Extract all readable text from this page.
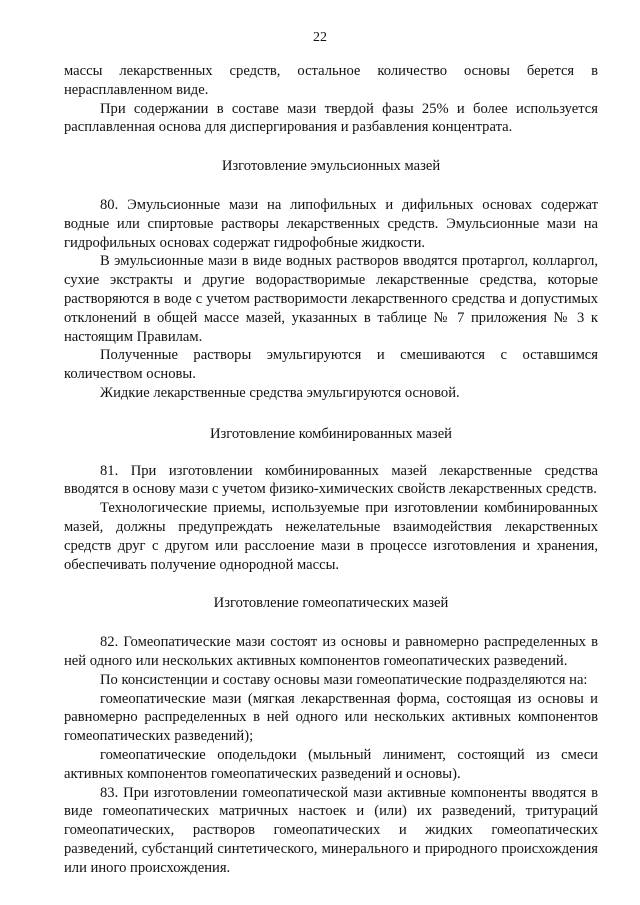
22

массы лекарственных средств, остальное количество основы берется в нерасплавленном виде.

При содержании в составе мази твердой фазы 25% и более используется расплавленная основа для диспергирования и разбавления концентрата.

Изготовление эмульсионных мазей

80. Эмульсионные мази на липофильных и дифильных основах содержат водные или спиртовые растворы лекарственных средств. Эмульсионные мази на гидрофильных основах содержат гидрофобные жидкости.

В эмульсионные мази в виде водных растворов вводятся протаргол, колларгол, сухие экстракты и другие водорастворимые лекарственные средства, которые растворяются в воде с учетом растворимости лекарственного средства и допустимых отклонений в общей массе мазей, указанных в таблице № 7 приложения № 3 к настоящим Правилам.

Полученные растворы эмульгируются и смешиваются с оставшимся количеством основы.

Жидкие лекарственные средства эмульгируются основой.

Изготовление комбинированных мазей

81. При изготовлении комбинированных мазей лекарственные средства вводятся в основу мази с учетом физико-химических свойств лекарственных средств.

Технологические приемы, используемые при изготовлении комбинированных мазей, должны предупреждать нежелательные взаимодействия лекарственных средств друг с другом или расслоение мази в процессе изготовления и хранения, обеспечивать получение однородной массы.

Изготовление гомеопатических мазей

82. Гомеопатические мази состоят из основы и равномерно распределенных в ней одного или нескольких активных компонентов гомеопатических разведений.

По консистенции и составу основы мази гомеопатические подразделяются на:

гомеопатические мази (мягкая лекарственная форма, состоящая из основы и равномерно распределенных в ней одного или нескольких активных компонентов гомеопатических разведений);

гомеопатические оподельдоки (мыльный линимент, состоящий из смеси активных компонентов гомеопатических разведений и основы).

83. При изготовлении гомеопатической мази активные компоненты вводятся в виде гомеопатических матричных настоек и (или) их разведений, тритураций гомеопатических, растворов гомеопатических и жидких гомеопатических разведений, субстанций синтетического, минерального и природного происхождения или иного происхождения.
